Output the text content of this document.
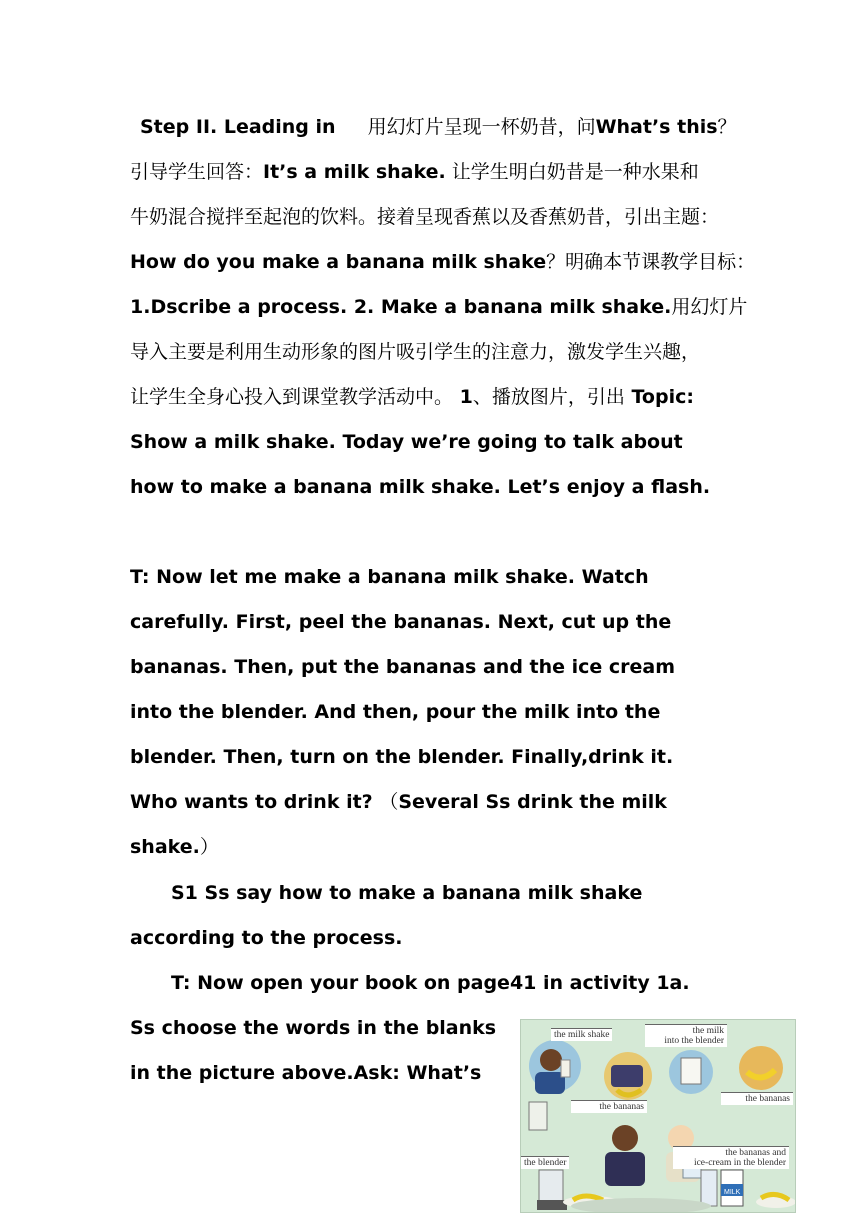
Step II. Leading in 用幻灯片呈现一杯奶昔，问What’s this？
引导学生回答：It’s a milk shake. 让学生明白奶昔是一种水果和
牛奶混合搅拌至起泡的饮料。接着呈现香蕉以及香蕉奶昔，引出主题：
How do you make a banana milk shake？明确本节课教学目标：
1.Dscribe a process. 2. Make a banana milk shake.用幻灯片
导入主要是利用生动形象的图片吸引学生的注意力，激发学生兴趣，
让学生全身心投入到课堂教学活动中。 1、播放图片，引出 Topic:
Show a milk shake. Today we’re going to talk about
how to make a banana milk shake. Let’s enjoy a flash.
T: Now let me make a banana milk shake. Watch
carefully. First, peel the bananas. Next, cut up the
bananas. Then, put the bananas and the ice cream
into the blender. And then, pour the milk into the
blender. Then, turn on the blender. Finally,drink it.
Who wants to drink it? （Several Ss drink the milk
shake.）
S1 Ss say how to make a banana milk shake
according to the process.
T: Now open your book on page41 in activity 1a.
Ss choose the words in the blanks
in the picture above.Ask: What’s
MILK
the milk shake	the milk
into the blender
the bananas
the bananas
the blender
the bananas and
ice-cream in the blender
